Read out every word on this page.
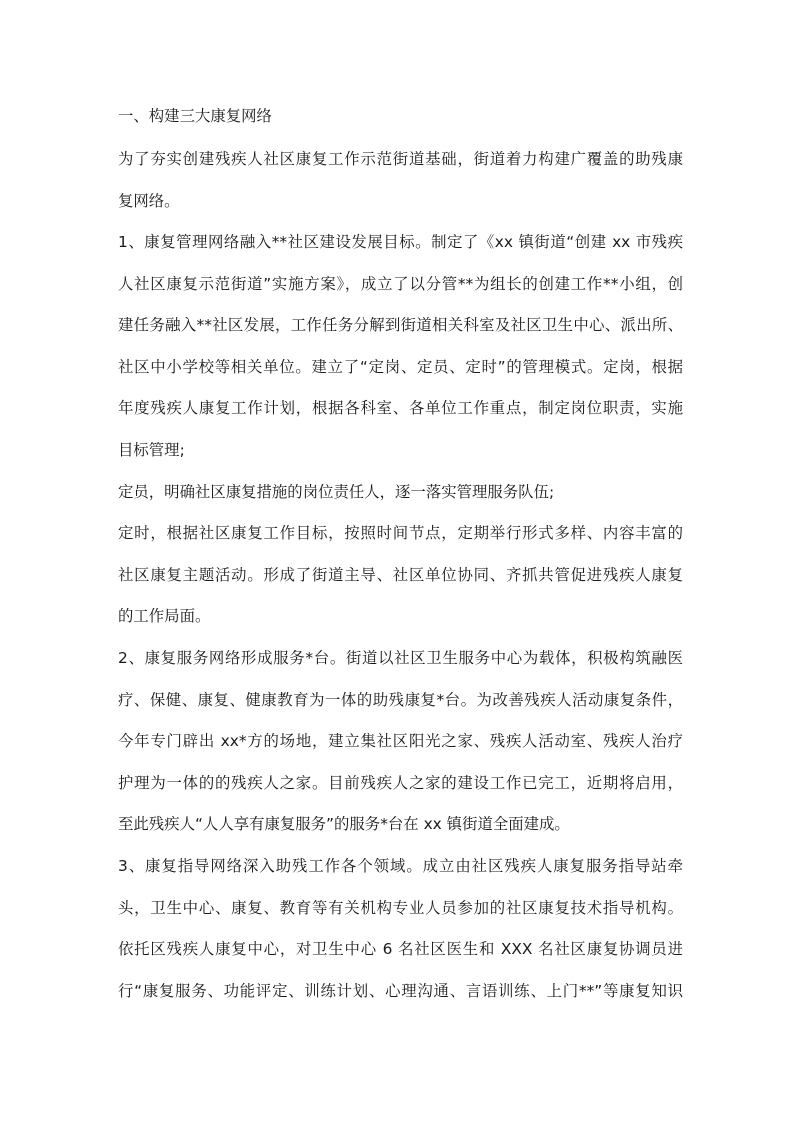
一、构建三大康复网络
为了夯实创建残疾人社区康复工作示范街道基础，街道着力构建广覆盖的助残康
复网络。
1、康复管理网络融入**社区建设发展目标。制定了《xx 镇街道“创建 xx 市残疾
人社区康复示范街道”实施方案》，成立了以分管**为组长的创建工作**小组，创
建任务融入**社区发展，工作任务分解到街道相关科室及社区卫生中心、派出所、
社区中小学校等相关单位。建立了“定岗、定员、定时”的管理模式。定岗，根据
年度残疾人康复工作计划，根据各科室、各单位工作重点，制定岗位职责，实施
目标管理;
定员，明确社区康复措施的岗位责任人，逐一落实管理服务队伍;
定时，根据社区康复工作目标，按照时间节点，定期举行形式多样、内容丰富的
社区康复主题活动。形成了街道主导、社区单位协同、齐抓共管促进残疾人康复
的工作局面。
2、康复服务网络形成服务*台。街道以社区卫生服务中心为载体，积极构筑融医
疗、保健、康复、健康教育为一体的助残康复*台。为改善残疾人活动康复条件，
今年专门辟出 xx*方的场地，建立集社区阳光之家、残疾人活动室、残疾人治疗
护理为一体的的残疾人之家。目前残疾人之家的建设工作已完工，近期将启用，
至此残疾人“人人享有康复服务”的服务*台在 xx 镇街道全面建成。
3、康复指导网络深入助残工作各个领域。成立由社区残疾人康复服务指导站牵
头，卫生中心、康复、教育等有关机构专业人员参加的社区康复技术指导机构。
依托区残疾人康复中心，对卫生中心 6 名社区医生和 XXX 名社区康复协调员进
行“康复服务、功能评定、训练计划、心理沟通、言语训练、上门**”等康复知识
